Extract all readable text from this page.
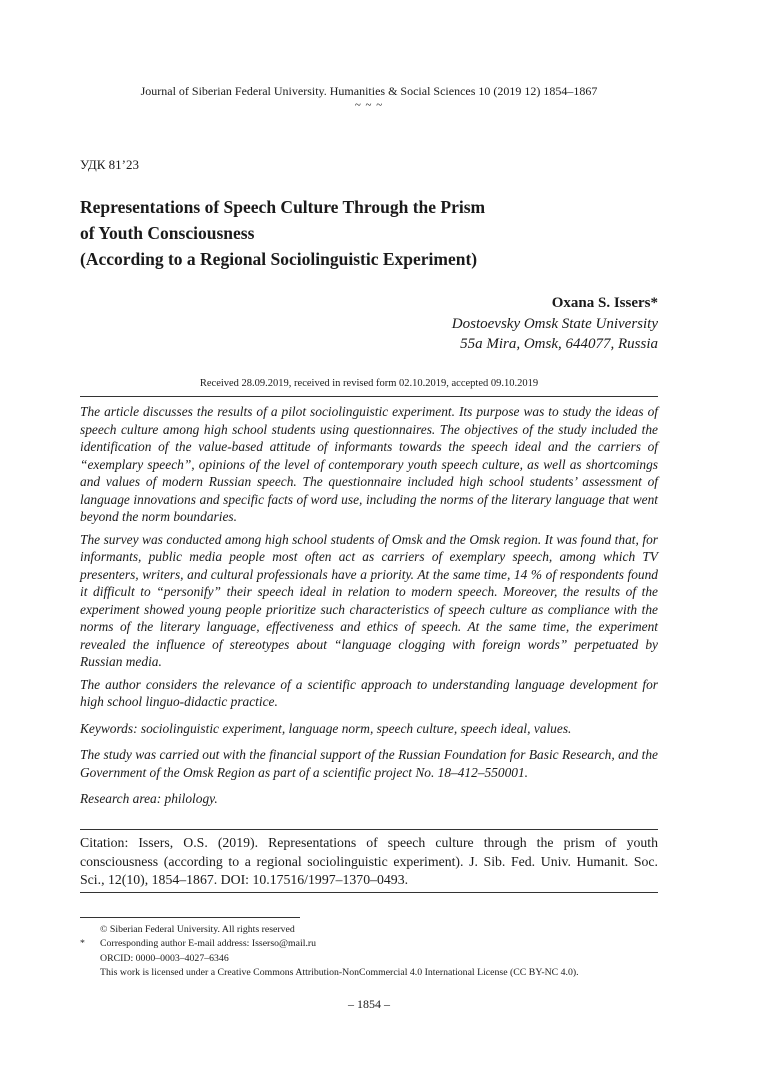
Journal of Siberian Federal University. Humanities & Social Sciences 10 (2019 12) 1854–1867
~ ~ ~
УДК 81’23
Representations of Speech Culture Through the Prism
of Youth Consciousness
(According to a Regional Sociolinguistic Experiment)
Oxana S. Issers*
Dostoevsky Omsk State University
55a Mira, Omsk, 644077, Russia
Received 28.09.2019, received in revised form 02.10.2019, accepted 09.10.2019

The article discusses the results of a pilot sociolinguistic experiment. Its purpose was to study the ideas of speech culture among high school students using questionnaires. The objectives of the study included the identification of the value-based attitude of informants towards the speech ideal and the carriers of “exemplary speech”, opinions of the level of contemporary youth speech culture, as well as shortcomings and values of modern Russian speech. The questionnaire included high school students’ assessment of language innovations and specific facts of word use, including the norms of the literary language that went beyond the norm boundaries.

The survey was conducted among high school students of Omsk and the Omsk region. It was found that, for informants, public media people most often act as carriers of exemplary speech, among which TV presenters, writers, and cultural professionals have a priority. At the same time, 14 % of respondents found it difficult to “personify” their speech ideal in relation to modern speech. Moreover, the results of the experiment showed young people prioritize such characteristics of speech culture as compliance with the norms of the literary language, effectiveness and ethics of speech. At the same time, the experiment revealed the influence of stereotypes about “language clogging with foreign words” perpetuated by Russian media.

The author considers the relevance of a scientific approach to understanding language development for high school linguo-didactic practice.

Keywords: sociolinguistic experiment, language norm, speech culture, speech ideal, values.

The study was carried out with the financial support of the Russian Foundation for Basic Research, and the Government of the Omsk Region as part of a scientific project No. 18–412–550001.

Research area: philology.

Citation: Issers, O.S. (2019). Representations of speech culture through the prism of youth consciousness (according to a regional sociolinguistic experiment). J. Sib. Fed. Univ. Humanit. Soc. Sci., 12(10), 1854–1867. DOI: 10.17516/1997–1370–0493.
© Siberian Federal University. All rights reserved
* Corresponding author E-mail address: Isserso@mail.ru
ORCID: 0000–0003–4027–6346
This work is licensed under a Creative Commons Attribution-NonCommercial 4.0 International License (CC BY-NC 4.0).
– 1854 –
